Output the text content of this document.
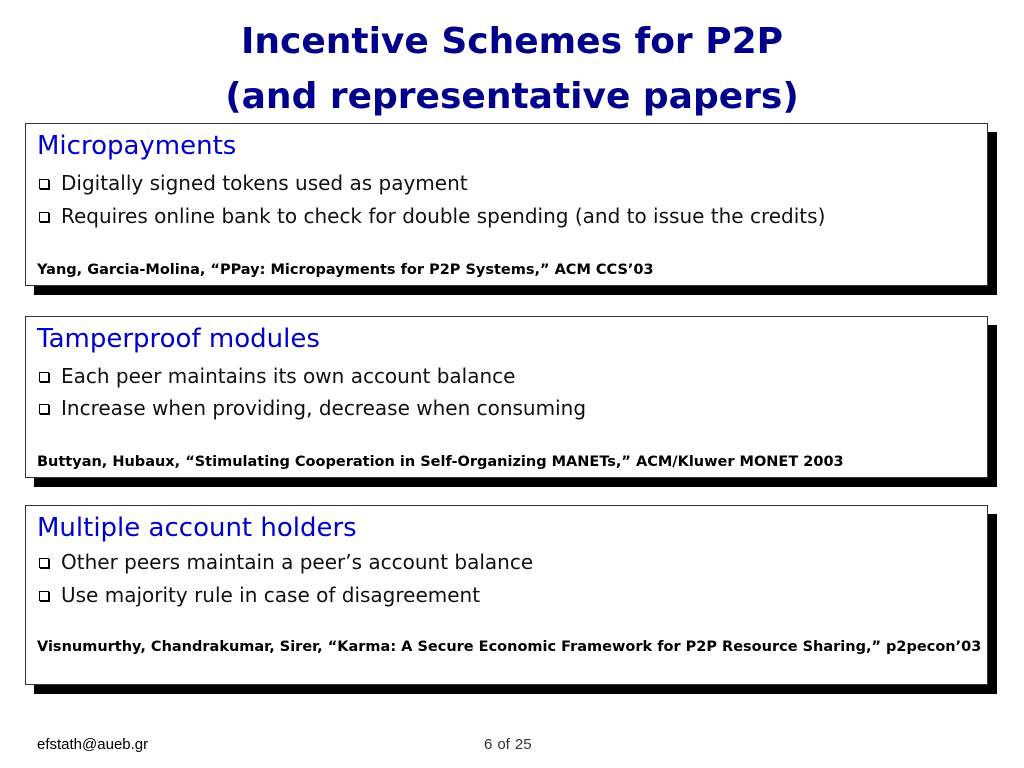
Incentive Schemes for P2P
(and representative papers)
Micropayments
Digitally signed tokens used as payment
Requires online bank to check for double spending (and to issue the credits)
Yang, Garcia-Molina, “PPay: Micropayments for P2P Systems,” ACM CCS’03
Tamperproof modules
Each peer maintains its own account balance
Increase when providing, decrease when consuming
Buttyan, Hubaux, “Stimulating Cooperation in Self-Organizing MANETs,” ACM/Kluwer MONET 2003
Multiple account holders
Other peers maintain a peer’s account balance
Use majority rule in case of disagreement
Visnumurthy, Chandrakumar, Sirer, “Karma: A Secure Economic Framework for P2P Resource Sharing,” p2pecon’03
efstath@aueb.gr	6 of 25
